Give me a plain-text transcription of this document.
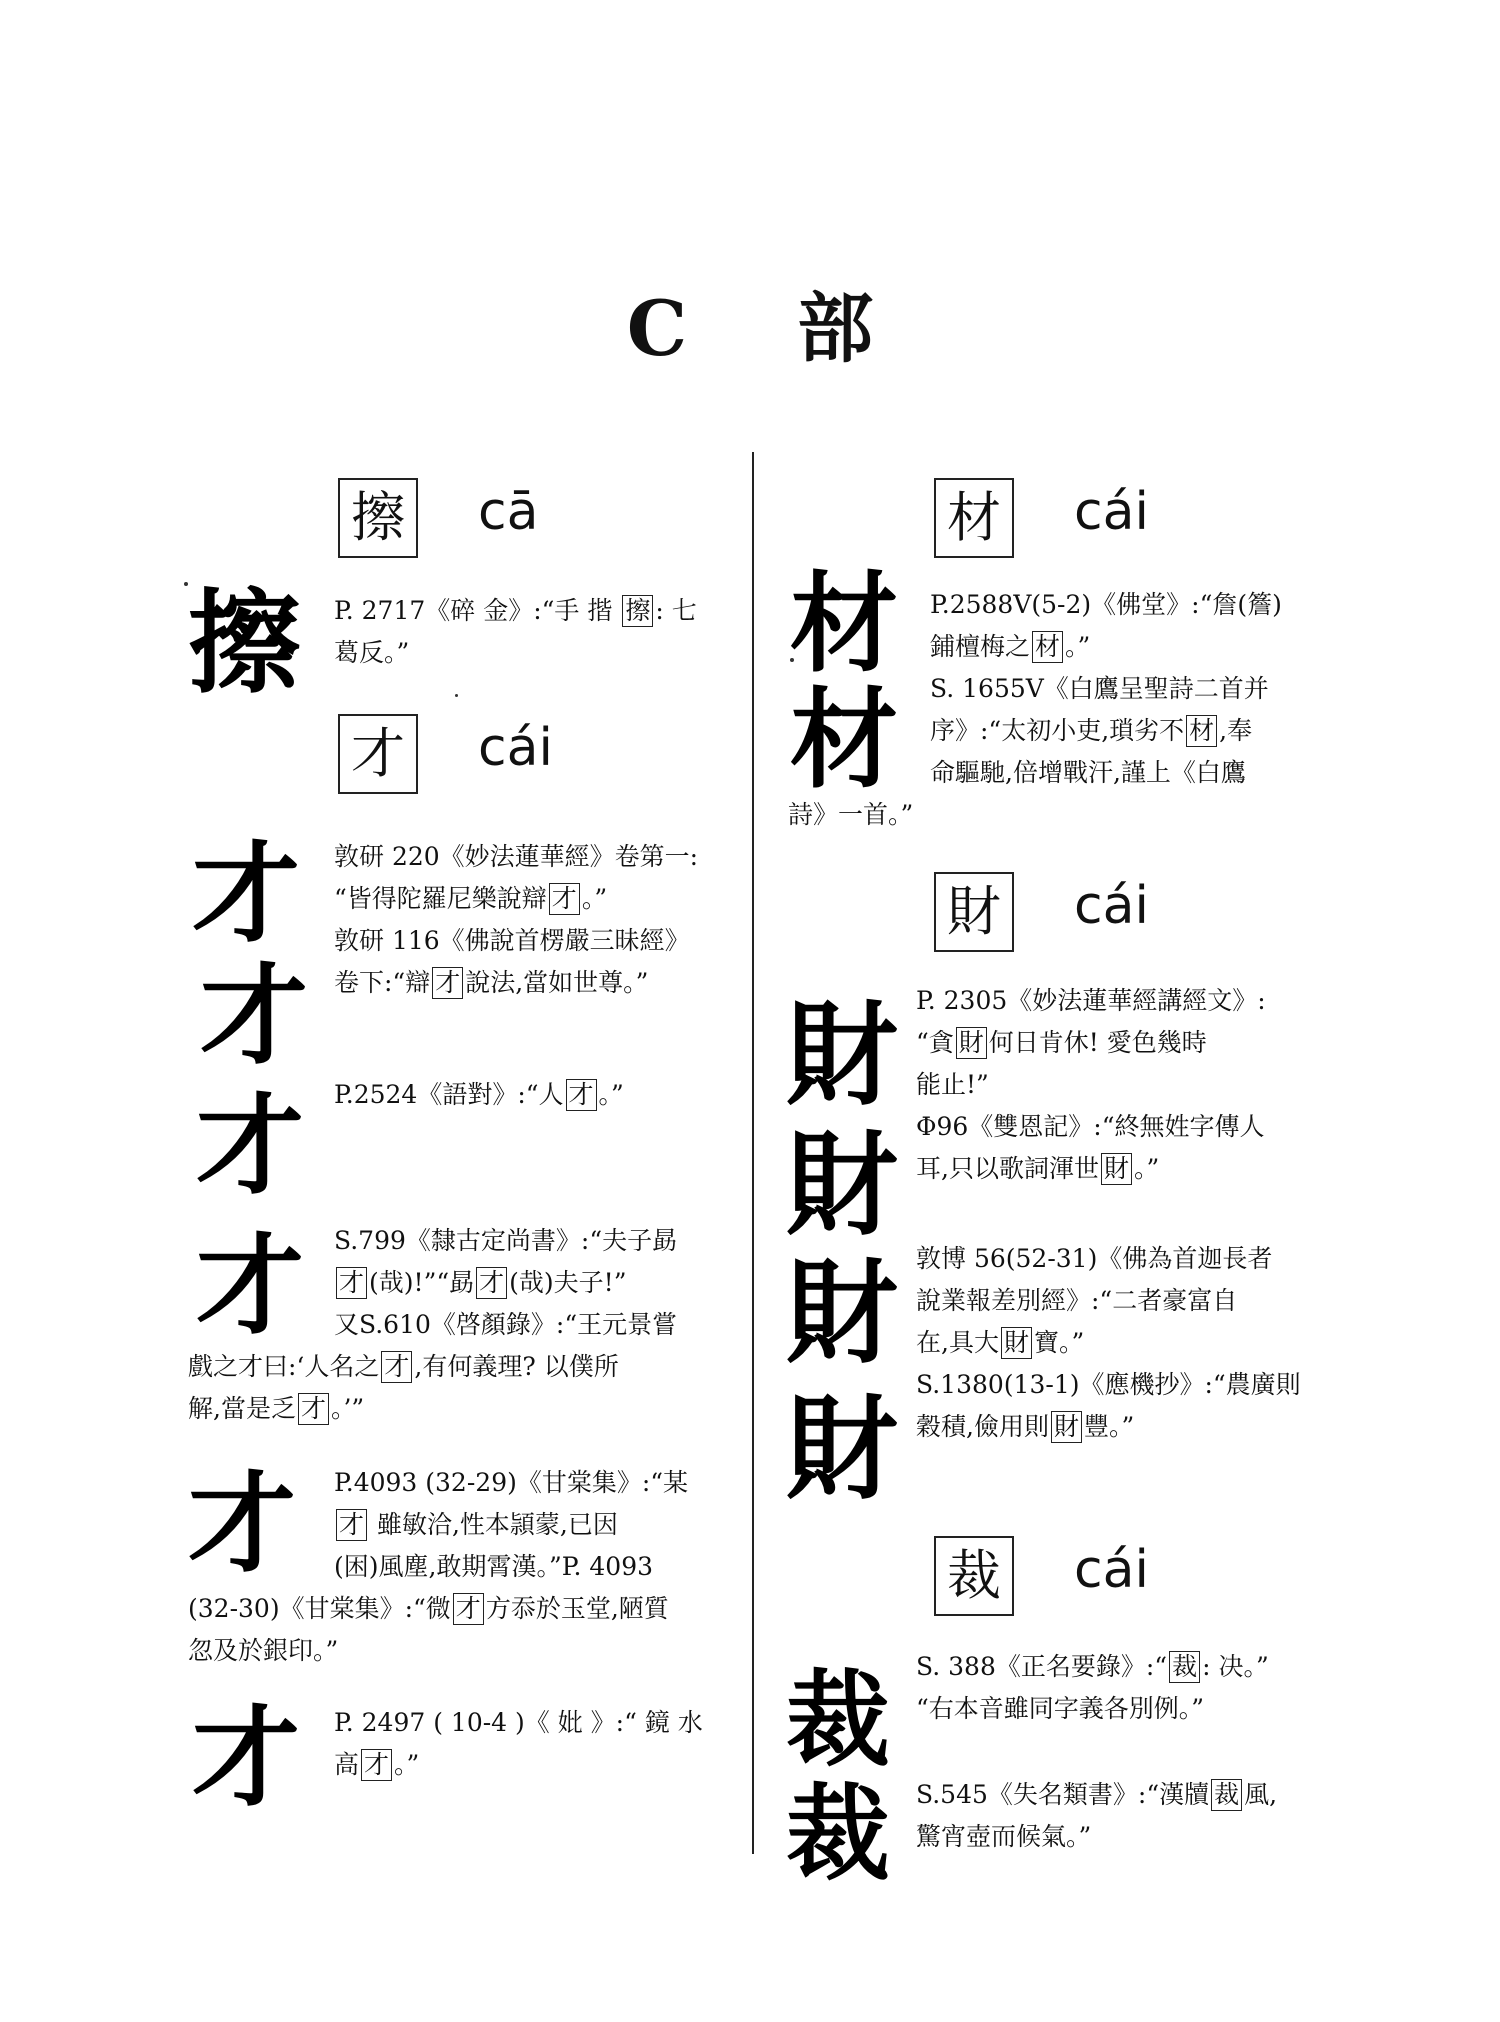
C 部
擦 cā
擦 P. 2717《碎 金》:“手 揩 擦 : 七
葛反。”
才 cái
才
才
才
才
才
才
敦研 220《妙法蓮華經》卷第一:
“皆得陀羅尼樂說辯 才 。”
敦研 116《佛說首楞嚴三昧經》
卷下:“辯 才 說法,當如世尊。”
P.2524《語對》:“人 才 。”
S.799《隸古定尚書》:“夫子勗
才 (哉)!”“勗 才 (哉)夫子!”
又S.610《啓顏錄》:“王元景嘗
戲之才曰:‘人名之 才 ,有何義理? 以僕所
解,當是乏 才 。’”
P.4093 (32-29)《甘棠集》:“某
才 雖敏洽,性本頴蒙,已因
(困)風塵,敢期霄漢。”P. 4093
(32-30)《甘棠集》:“微 才 方忝於玉堂,陋質
忽及於銀印。”
P. 2497 ( 10-4 )《 妣 》:“ 鏡 水
高 才 。”
材 cái
材
材
P.2588V(5-2)《佛堂》:“詹(簷)
鋪檀梅之 材 。”
S. 1655V《白鷹呈聖詩二首并
序》:“太初小吏,瑣劣不 材 ,奉
命驅馳,倍增戰汗,謹上《白鷹
詩》一首。”
財 cái
財
財
財
財
P. 2305《妙法蓮華經講經文》:
“貪 財 何日肯休! 愛色幾時
能止!”
Φ96《雙恩記》:“終無姓字傳人
耳,只以歌詞渾世 財 。”
敦博 56(52-31)《佛為首迦長者
說業報差別經》:“二者豪富自
在,具大 財 寶。”
S.1380(13-1)《應機抄》:“農廣則
穀積,儉用則 財 豐。”
裁 cái
裁
裁
S. 388《正名要錄》:“ 裁 : 决。”
“右本音雖同字義各別例。”
S.545《失名類書》:“漢牘 裁 風,
驚宵壺而候氣。”
